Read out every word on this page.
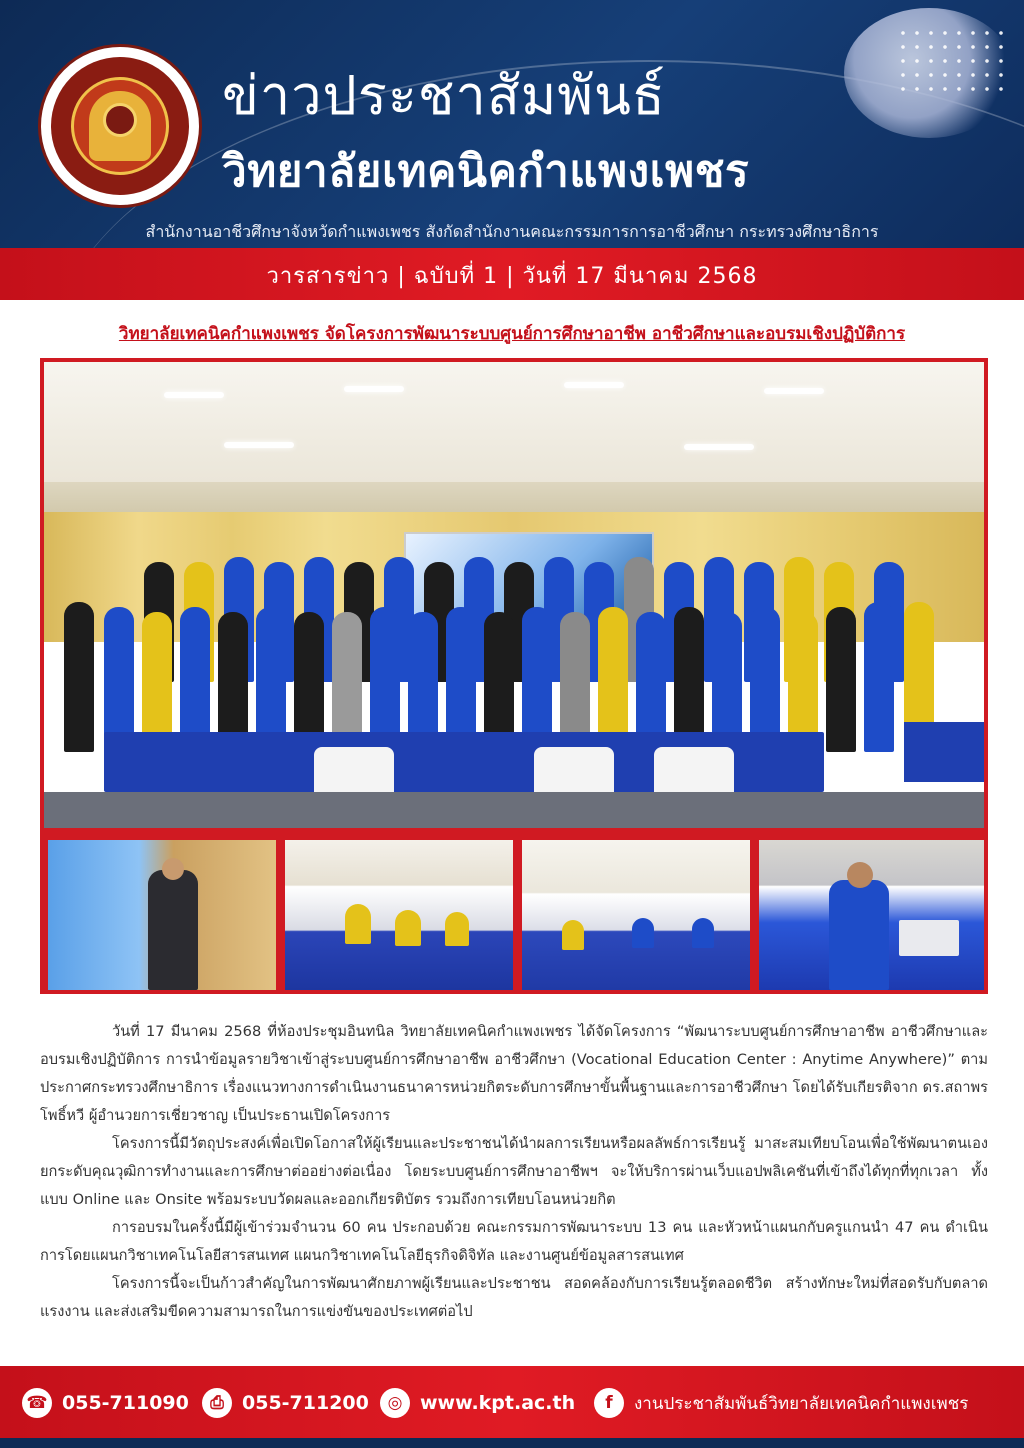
ข่าวประชาสัมพันธ์
วิทยาลัยเทคนิคกำแพงเพชร
สำนักงานอาชีวศึกษาจังหวัดกำแพงเพชร สังกัดสำนักงานคณะกรรมการการอาชีวศึกษา กระทรวงศึกษาธิการ
วารสารข่าว | ฉบับที่ 1 | วันที่ 17 มีนาคม 2568
วิทยาลัยเทคนิคกำแพงเพชร จัดโครงการพัฒนาระบบศูนย์การศึกษาอาชีพ อาชีวศึกษาและอบรมเชิงปฏิบัติการ

วันที่ 17 มีนาคม 2568 ที่ห้องประชุมอินทนิล วิทยาลัยเทคนิคกำแพงเพชร ได้จัดโครงการ “พัฒนาระบบศูนย์การศึกษาอาชีพ อาชีวศึกษาและอบรมเชิงปฏิบัติการ การนำข้อมูลรายวิชาเข้าสู่ระบบศูนย์การศึกษาอาชีพ อาชีวศึกษา (Vocational Education Center : Anytime Anywhere)” ตามประกาศกระทรวงศึกษาธิการ เรื่องแนวทางการดำเนินงานธนาคารหน่วยกิตระดับการศึกษาขั้นพื้นฐานและการอาชีวศึกษา โดยได้รับเกียรติจาก ดร.สถาพร โพธิ์หวี ผู้อำนวยการเชี่ยวชาญ เป็นประธานเปิดโครงการ

โครงการนี้มีวัตถุประสงค์เพื่อเปิดโอกาสให้ผู้เรียนและประชาชนได้นำผลการเรียนหรือผลลัพธ์การเรียนรู้ มาสะสมเทียบโอนเพื่อใช้พัฒนาตนเอง ยกระดับคุณวุฒิการทำงานและการศึกษาต่ออย่างต่อเนื่อง โดยระบบศูนย์การศึกษาอาชีพฯ จะให้บริการผ่านเว็บแอปพลิเคชันที่เข้าถึงได้ทุกที่ทุกเวลา ทั้งแบบ Online และ Onsite พร้อมระบบวัดผลและออกเกียรติบัตร รวมถึงการเทียบโอนหน่วยกิต

การอบรมในครั้งนี้มีผู้เข้าร่วมจำนวน 60 คน ประกอบด้วย คณะกรรมการพัฒนาระบบ 13 คน และหัวหน้าแผนกกับครูแกนนำ 47 คน ดำเนินการโดยแผนกวิชาเทคโนโลยีสารสนเทศ แผนกวิชาเทคโนโลยีธุรกิจดิจิทัล และงานศูนย์ข้อมูลสารสนเทศ

โครงการนี้จะเป็นก้าวสำคัญในการพัฒนาศักยภาพผู้เรียนและประชาชน สอดคล้องกับการเรียนรู้ตลอดชีวิต สร้างทักษะใหม่ที่สอดรับกับตลาดแรงงาน และส่งเสริมขีดความสามารถในการแข่งขันของประเทศต่อไป

☎ 055-711090	⎙ 055-711200	◎ www.kpt.ac.th	f	งานประชาสัมพันธ์วิทยาลัยเทคนิคกำแพงเพชร
